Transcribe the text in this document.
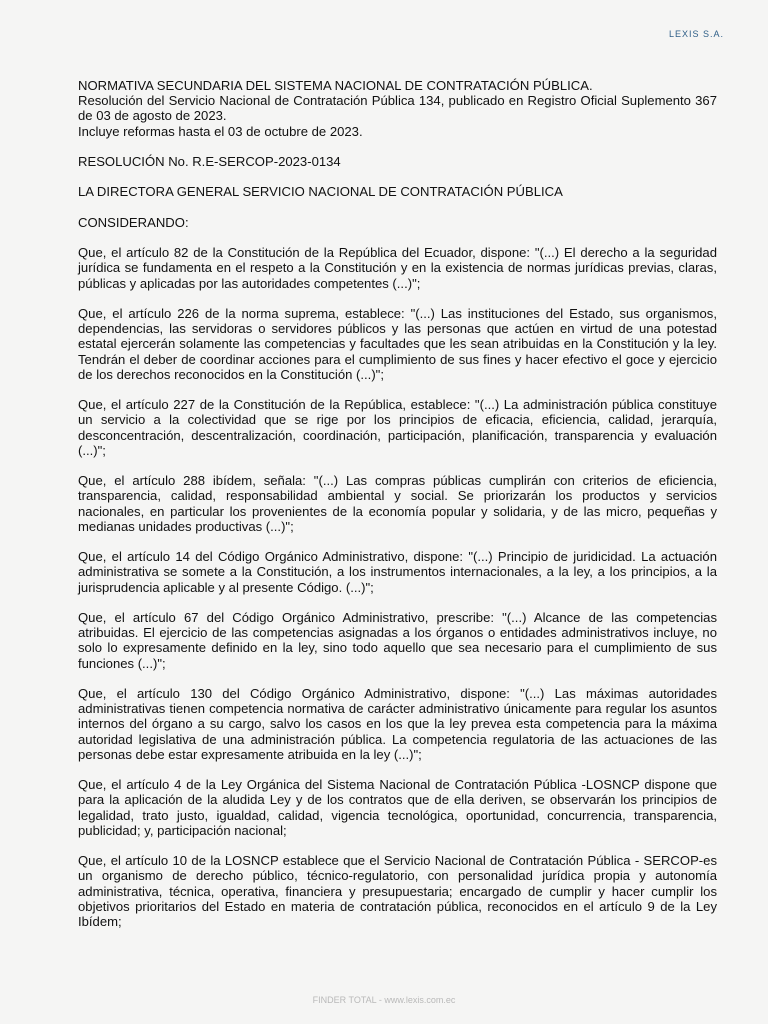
LEXIS S.A.

NORMATIVA SECUNDARIA DEL SISTEMA NACIONAL DE CONTRATACIÓN PÚBLICA.
Resolución del Servicio Nacional de Contratación Pública 134, publicado en Registro Oficial Suplemento 367 de 03 de agosto de 2023.
Incluye reformas hasta el 03 de octubre de 2023.

RESOLUCIÓN No. R.E-SERCOP-2023-0134

LA DIRECTORA GENERAL SERVICIO NACIONAL DE CONTRATACIÓN PÚBLICA

CONSIDERANDO:

Que, el artículo 82 de la Constitución de la República del Ecuador, dispone: "(...) El derecho a la seguridad jurídica se fundamenta en el respeto a la Constitución y en la existencia de normas jurídicas previas, claras, públicas y aplicadas por las autoridades competentes (...)";

Que, el artículo 226 de la norma suprema, establece: "(...) Las instituciones del Estado, sus organismos, dependencias, las servidoras o servidores públicos y las personas que actúen en virtud de una potestad estatal ejercerán solamente las competencias y facultades que les sean atribuidas en la Constitución y la ley. Tendrán el deber de coordinar acciones para el cumplimiento de sus fines y hacer efectivo el goce y ejercicio de los derechos reconocidos en la Constitución (...)";

Que, el artículo 227 de la Constitución de la República, establece: "(...) La administración pública constituye un servicio a la colectividad que se rige por los principios de eficacia, eficiencia, calidad, jerarquía, desconcentración, descentralización, coordinación, participación, planificación, transparencia y evaluación (...)";

Que, el artículo 288 ibídem, señala: "(...) Las compras públicas cumplirán con criterios de eficiencia, transparencia, calidad, responsabilidad ambiental y social. Se priorizarán los productos y servicios nacionales, en particular los provenientes de la economía popular y solidaria, y de las micro, pequeñas y medianas unidades productivas (...)";

Que, el artículo 14 del Código Orgánico Administrativo, dispone: "(...) Principio de juridicidad. La actuación administrativa se somete a la Constitución, a los instrumentos internacionales, a la ley, a los principios, a la jurisprudencia aplicable y al presente Código. (...)";

Que, el artículo 67 del Código Orgánico Administrativo, prescribe: "(...) Alcance de las competencias atribuidas. El ejercicio de las competencias asignadas a los órganos o entidades administrativos incluye, no solo lo expresamente definido en la ley, sino todo aquello que sea necesario para el cumplimiento de sus funciones (...)";

Que, el artículo 130 del Código Orgánico Administrativo, dispone: "(...) Las máximas autoridades administrativas tienen competencia normativa de carácter administrativo únicamente para regular los asuntos internos del órgano a su cargo, salvo los casos en los que la ley prevea esta competencia para la máxima autoridad legislativa de una administración pública. La competencia regulatoria de las actuaciones de las personas debe estar expresamente atribuida en la ley (...)";

Que, el artículo 4 de la Ley Orgánica del Sistema Nacional de Contratación Pública -LOSNCP dispone que para la aplicación de la aludida Ley y de los contratos que de ella deriven, se observarán los principios de legalidad, trato justo, igualdad, calidad, vigencia tecnológica, oportunidad, concurrencia, transparencia, publicidad; y, participación nacional;

Que, el artículo 10 de la LOSNCP establece que el Servicio Nacional de Contratación Pública - SERCOP-es un organismo de derecho público, técnico-regulatorio, con personalidad jurídica propia y autonomía administrativa, técnica, operativa, financiera y presupuestaria; encargado de cumplir y hacer cumplir los objetivos prioritarios del Estado en materia de contratación pública, reconocidos en el artículo 9 de la Ley Ibídem;

FINDER TOTAL - www.lexis.com.ec
